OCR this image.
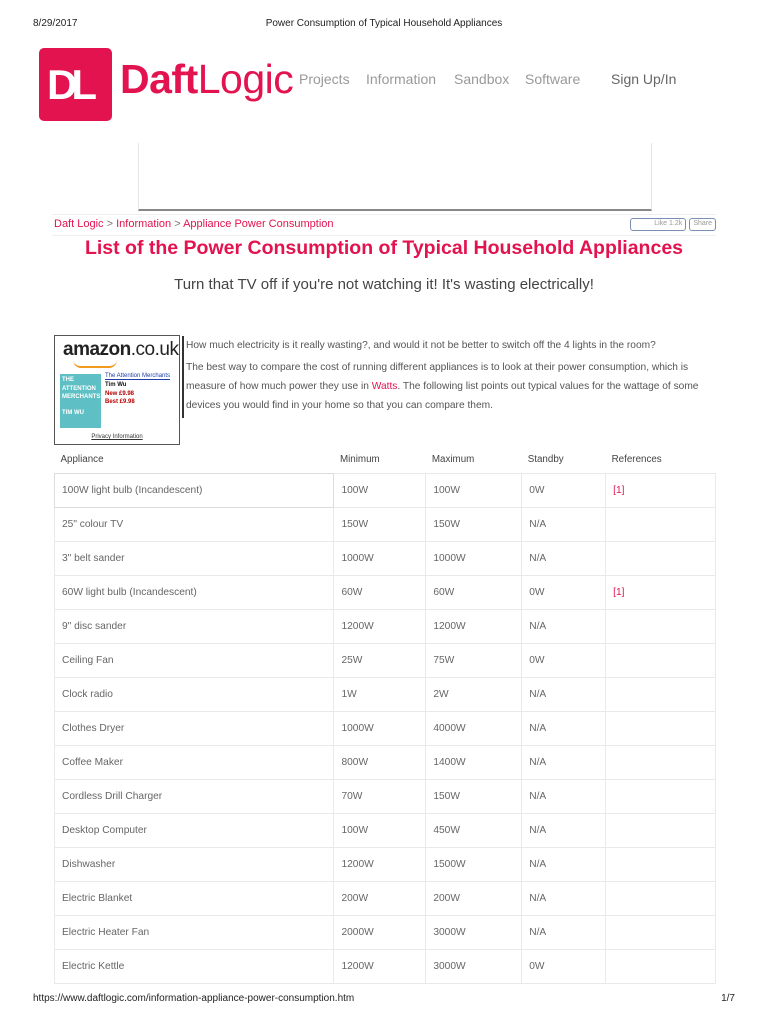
8/29/2017	Power Consumption of Typical Household Appliances
DL DaftLogic Projects Information Sandbox Software Sign Up/In
Daft Logic > Information > Appliance Power Consumption	Like 1.2k Share
List of the Power Consumption of Typical Household Appliances
Turn that TV off if you're not watching it! It's wasting electrically!
amazon.co.uk
THE
ATTENTION
MERCHANTS
TIM WU
The Attention Merchants
Tim Wu
New £9.98
Best £9.98
Privacy Information

How much electricity is it really wasting?, and would it not be better to switch off the 4 lights in the room?

The best way to compare the cost of running different appliances is to look at their power consumption, which is measure of how much power they use in Watts. The following list points out typical values for the wattage of some devices you would find in your home so that you can compare them.

Appliance	Minimum	Maximum	Standby	References
100W light bulb (Incandescent)	100W	100W	0W	[1]
25" colour TV	150W	150W	N/A	
3" belt sander	1000W	1000W	N/A	
60W light bulb (Incandescent)	60W	60W	0W	[1]
9" disc sander	1200W	1200W	N/A	
Ceiling Fan	25W	75W	0W	
Clock radio	1W	2W	N/A	
Clothes Dryer	1000W	4000W	N/A	
Coffee Maker	800W	1400W	N/A	
Cordless Drill Charger	70W	150W	N/A	
Desktop Computer	100W	450W	N/A	
Dishwasher	1200W	1500W	N/A	
Electric Blanket	200W	200W	N/A	
Electric Heater Fan	2000W	3000W	N/A	
Electric Kettle	1200W	3000W	0W	
https://www.daftlogic.com/information-appliance-power-consumption.htm	1/7
